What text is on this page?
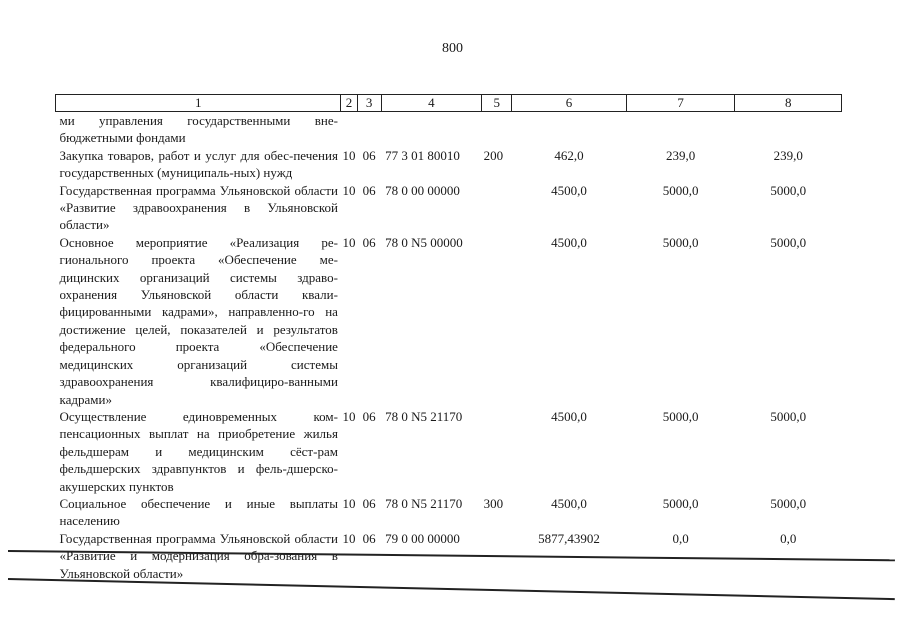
800
1	2	3	4	5	6	7	8
ми управления государственными вне-бюджетными фондами							
Закупка товаров, работ и услуг для обес-печения государственных (муниципаль-ных) нужд	10	06	77 3 01 80010	200	462,0	239,0	239,0
Государственная программа Ульяновской области «Развитие здравоохранения в Ульяновской области»	10	06	78 0 00 00000		4500,0	5000,0	5000,0
Основное мероприятие «Реализация ре-гионального проекта «Обеспечение ме-дицинских организаций системы здраво-охранения Ульяновской области квали-фицированными кадрами», направленно-го на достижение целей, показателей и результатов федерального проекта «Обеспечение медицинских организаций системы здравоохранения квалифициро-ванными кадрами»	10	06	78 0 N5 00000		4500,0	5000,0	5000,0
Осуществление единовременных ком-пенсационных выплат на приобретение жилья фельдшерам и медицинским сёст-рам фельдшерских здравпунктов и фель-дшерско-акушерских пунктов	10	06	78 0 N5 21170		4500,0	5000,0	5000,0
Социальное обеспечение и иные выплаты населению	10	06	78 0 N5 21170	300	4500,0	5000,0	5000,0
Государственная программа Ульяновской области «Развитие и модернизация обра-зования в Ульяновской области»	10	06	79 0 00 00000		5877,43902	0,0	0,0
